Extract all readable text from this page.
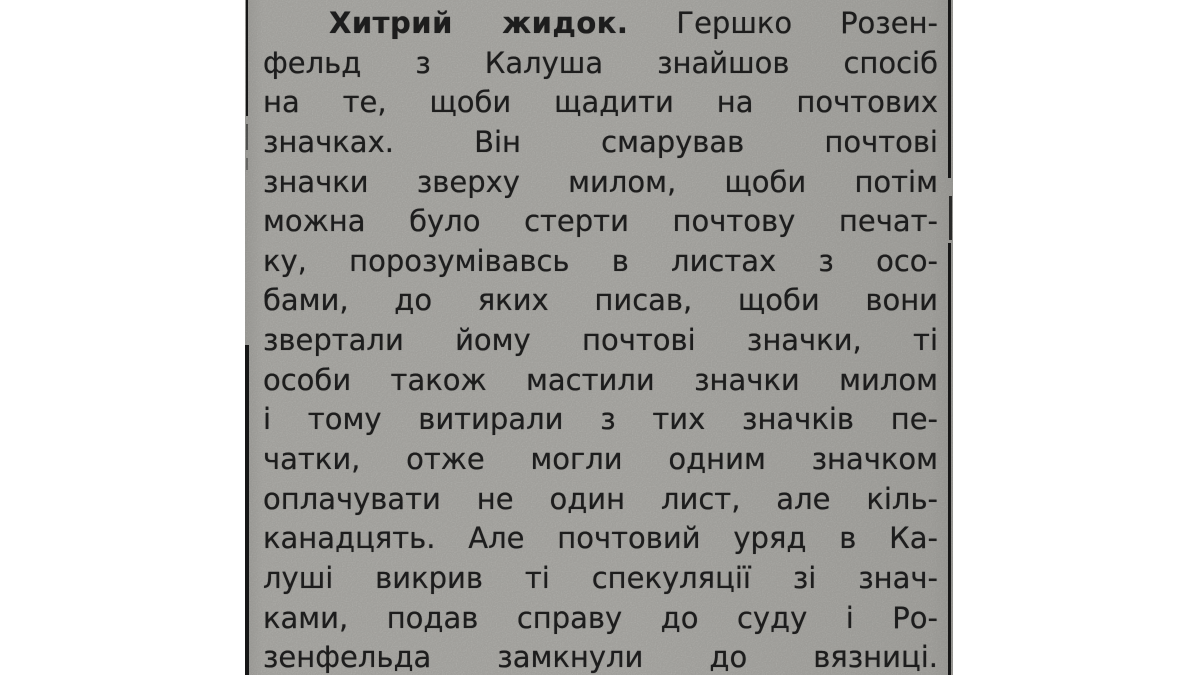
Хитрий жидок. Гершко Розен-
фельд з Калуша знайшов спосіб
на те, щоби щадити на почтових
значках. Він смарував почтові
значки зверху милом, щоби потім
можна було стерти почтову печат-
ку, порозумівавсь в листах з осо-
бами, до яких писав, щоби вони
звертали йому почтові значки, ті
особи також мастили значки милом
і тому витирали з тих значків пе-
чатки, отже могли одним значком
оплачувати не один лист, але кіль-
канадцять. Але почтовий уряд в Ка-
луші викрив ті спекуляції зі знач-
ками, подав справу до суду і Ро-
зенфельда замкнули до вязниці.
